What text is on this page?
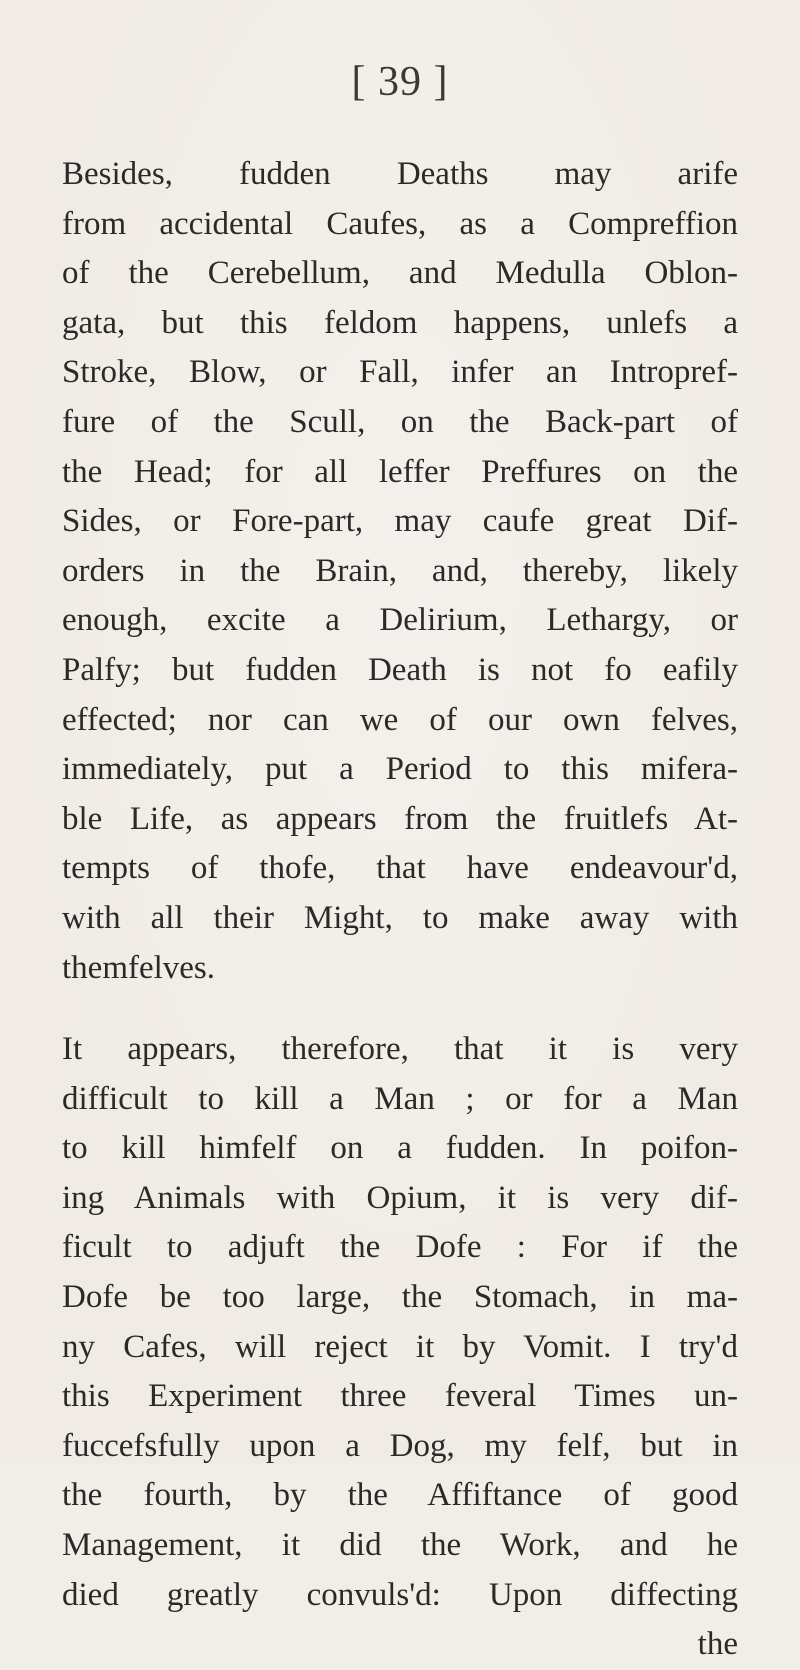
[ 39 ]
Besides, fudden Deaths may arife
from accidental Caufes, as a Compreffion
of the Cerebellum, and Medulla Oblon-
gata, but this feldom happens, unlefs a
Stroke, Blow, or Fall, infer an Intropref-
fure of the Scull, on the Back-part of
the Head; for all leffer Preffures on the
Sides, or Fore-part, may caufe great Dif-
orders in the Brain, and, thereby, likely
enough, excite a Delirium, Lethargy, or
Palfy; but fudden Death is not fo eafily
effected; nor can we of our own felves,
immediately, put a Period to this mifera-
ble Life, as appears from the fruitlefs At-
tempts of thofe, that have endeavour'd,
with all their Might, to make away with
themfelves.
It appears, therefore, that it is very
difficult to kill a Man ; or for a Man
to kill himfelf on a fudden. In poifon-
ing Animals with Opium, it is very dif-
ficult to adjuft the Dofe : For if the
Dofe be too large, the Stomach, in ma-
ny Cafes, will reject it by Vomit. I try'd
this Experiment three feveral Times un-
fuccefsfully upon a Dog, my felf, but in
the fourth, by the Affiftance of good
Management, it did the Work, and he
died greatly convuls'd: Upon diffecting
the
